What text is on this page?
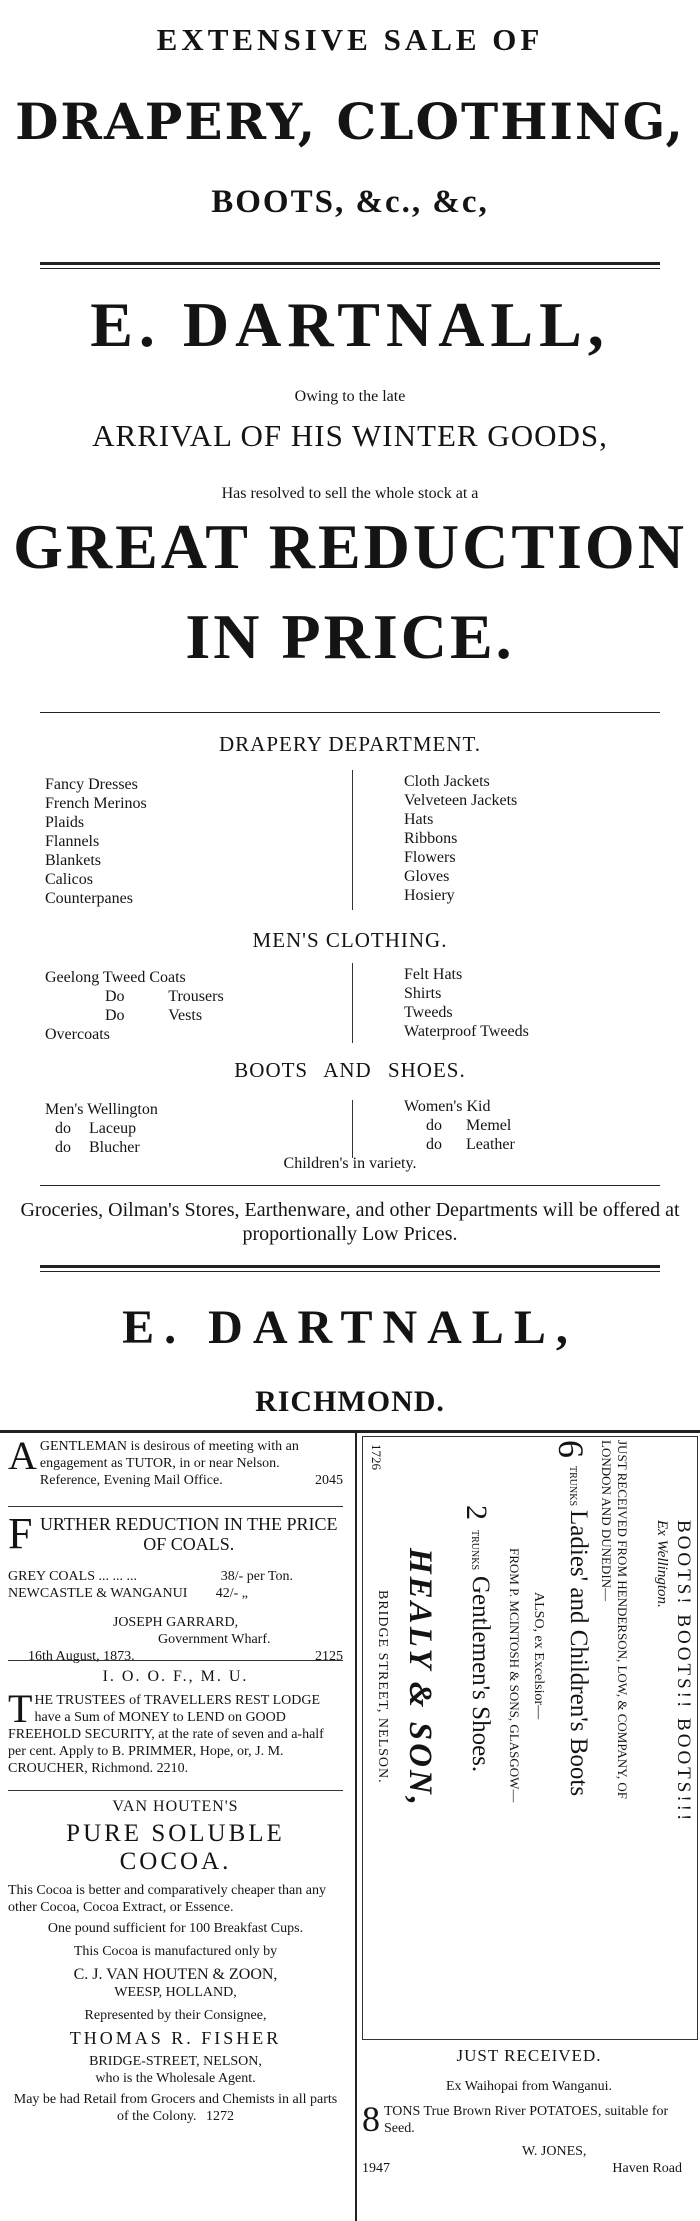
EXTENSIVE SALE OF
DRAPERY, CLOTHING,
BOOTS, &c., &c,
E. DARTNALL,
Owing to the late
ARRIVAL OF HIS WINTER GOODS,
Has resolved to sell the whole stock at a
GREAT REDUCTION
IN PRICE.
DRAPERY DEPARTMENT.
Fancy Dresses
French Merinos
Plaids
Flannels
Blankets
Calicos
Counterpanes
Cloth Jackets
Velveteen Jackets
Hats
Ribbons
Flowers
Gloves
Hosiery
MEN'S CLOTHING.
Geelong Tweed Coats
Do Trousers
Do Vests
Overcoats
Felt Hats
Shirts
Tweeds
Waterproof Tweeds
BOOTS AND SHOES.
Men's Wellington
do Laceup
do Blucher
Women's Kid
do Memel
do Leather
Children's in variety.
Groceries, Oilman's Stores, Earthenware, and other Departments will be offered at proportionally Low Prices.
E. DARTNALL,
RICHMOND.
A GENTLEMAN is desirous of meeting with an engagement as TUTOR, in or near Nelson. Reference, Evening Mail Office.	2045
F URTHER REDUCTION IN THE PRICE OF COALS.
GREY COALS ... ... ...	38/- per Ton.
NEWCASTLE & WANGANUI 42/- „
JOSEPH GARRARD,
Government Wharf.
16th August, 1873.	2125
I. O. O. F., M. U.
T HE TRUSTEES of TRAVELLERS REST LODGE have a Sum of MONEY to LEND on GOOD FREEHOLD SECURITY, at the rate of seven and a-half per cent. Apply to B. PRIMMER, Hope, or, J. M. CROUCHER, Richmond. 2210.
VAN HOUTEN'S
PURE SOLUBLE COCOA.
This Cocoa is better and comparatively cheaper than any other Cocoa, Cocoa Extract, or Essence.
One pound sufficient for 100 Breakfast Cups.
This Cocoa is manufactured only by
C. J. VAN HOUTEN & ZOON,
WEESP, HOLLAND,
Represented by their Consignee,
THOMAS R. FISHER
BRIDGE-STREET, NELSON,
who is the Wholesale Agent.
May be had Retail from Grocers and Chemists in all parts of the Colony. 1272
BOOTS! BOOTS!! BOOTS!!!
Ex Wellington.
JUST RECEIVED FROM HENDERSON, LOW, & COMPANY, OF LONDON AND DUNEDIN—
6
TRUNKS
Ladies' and Children's Boots
ALSO, ex Excelsior—
FROM P. MCINTOSH & SONS, GLASGOW—
2
TRUNKS
Gentlemen's Shoes.
HEALY & SON,
BRIDGE STREET, NELSON.
1726
JUST RECEIVED.
Ex Waihopai from Wanganui.
8 TONS True Brown River POTATOES, suitable for Seed.
W. JONES,
1947	Haven Road
